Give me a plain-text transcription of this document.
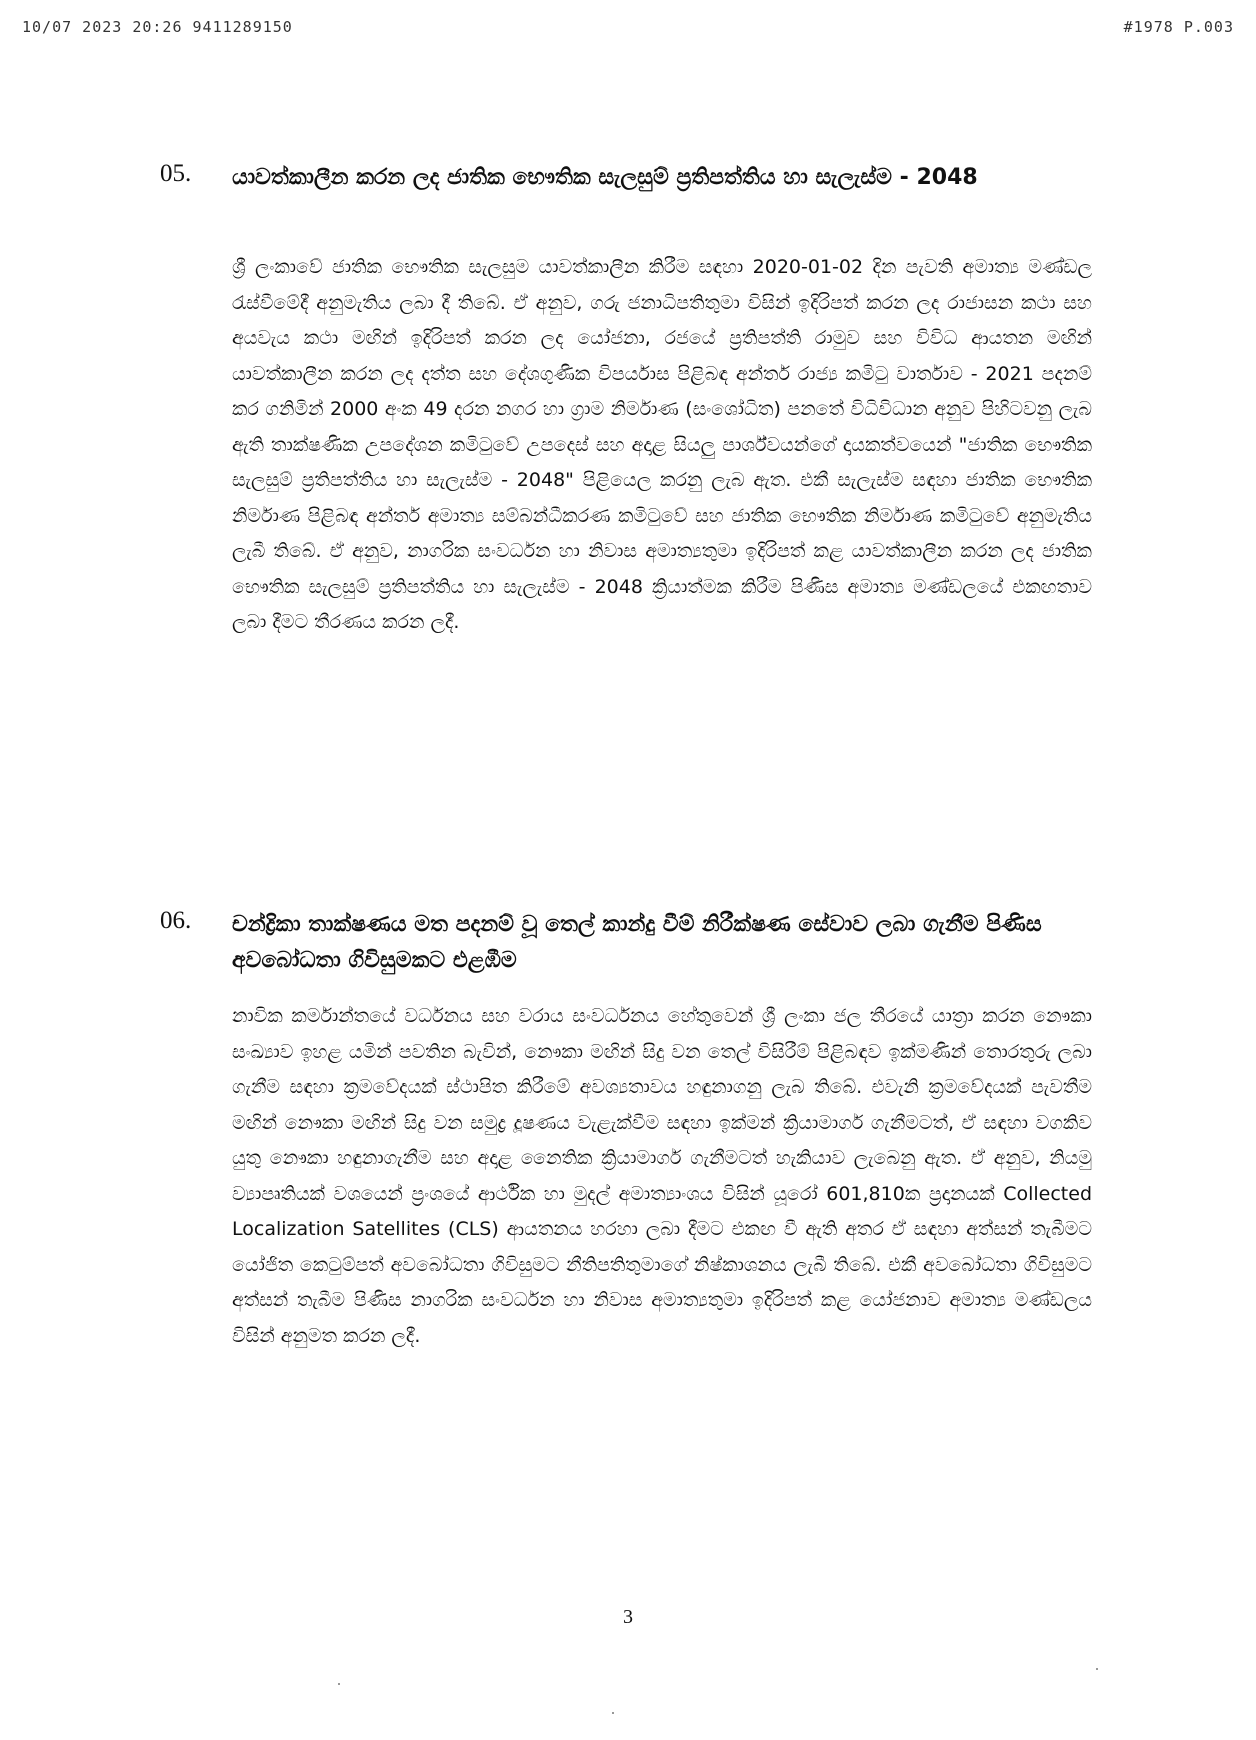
10/07 2023 20:26 9411289150	#1978 P.003
05. යාවත්කාලීන කරන ලද ජාතික භෞතික සැලසුම් ප්‍රතිපත්තිය හා සැලැස්ම - 2048
ශ්‍රී ලංකාවේ ජාතික භෞතික සැලසුම යාවත්කාලීන කිරීම සඳහා 2020-01-02 දින පැවති අමාත්‍ය මණ්ඩල රැස්වීමේදී අනුමැතිය ලබා දී තිබේ. ඒ අනුව, ගරු ජනාධිපතිතුමා විසින් ඉදිරිපත් කරන ලද රාජාසන කථා සහ අයවැය කථා මඟින් ඉදිරිපත් කරන ලද යෝජනා, රජයේ ප්‍රතිපත්ති රාමුව සහ විවිධ ආයතන මඟින් යාවත්කාලීන කරන ලද දත්ත සහ දේශගුණික විපර්යාස පිළිබඳ අන්තර් රාජ්‍ය කමිටු වාර්තාව - 2021 පදනම් කර ගනිමින් 2000 අංක 49 දරන නගර හා ග්‍රාම නිර්මාණ (සංශෝධිත) පනතේ විධිවිධාන අනුව පිහිටවනු ලැබ ඇති තාක්ෂණික උපදේශන කමිටුවේ උපදෙස් සහ අදාළ සියලු පාර්ශ්වයන්ගේ දායකත්වයෙන් "ජාතික භෞතික සැලසුම් ප්‍රතිපත්තිය හා සැලැස්ම - 2048" පිළියෙල කරනු ලැබ ඇත. එකී සැලැස්ම සඳහා ජාතික භෞතික නිර්මාණ පිළිබඳ අන්තර් අමාත්‍ය සම්බන්ධීකරණ කමිටුවේ සහ ජාතික භෞතික නිර්මාණ කමිටුවේ අනුමැතිය ලැබී තිබේ. ඒ අනුව, නාගරික සංවර්ධන හා නිවාස අමාත්‍යතුමා ඉදිරිපත් කළ යාවත්කාලීන කරන ලද ජාතික භෞතික සැලසුම් ප්‍රතිපත්තිය හා සැලැස්ම - 2048 ක්‍රියාත්මක කිරීම පිණිස අමාත්‍ය මණ්ඩලයේ එකඟතාව ලබා දීමට තීරණය කරන ලදී.
06. චන්ද්‍රිකා තාක්ෂණය මත පදනම් වූ තෙල් කාන්දු වීම් නිරීක්ෂණ සේවාව ලබා ගැනීම පිණිස අවබෝධතා ගිවිසුමකට එළඹීම
නාවික කර්මාන්තයේ වර්ධනය සහ වරාය සංවර්ධනය හේතුවෙන් ශ්‍රී ලංකා ජල තීරයේ යාත්‍රා කරන නෞකා සංඛ්‍යාව ඉහළ යමින් පවතින බැවින්, නෞකා මඟින් සිදු වන තෙල් විසිරීම් පිළිබඳව ඉක්මණින් තොරතුරු ලබා ගැනීම සඳහා ක්‍රමවේදයක් ස්ථාපිත කිරීමේ අවශ්‍යතාවය හඳුනාගනු ලැබ තිබේ. එවැනි ක්‍රමවේදයක් පැවතීම මඟින් නෞකා මඟින් සිදු වන සමුද්‍ර දූෂණය වැළැක්වීම සඳහා ඉක්මන් ක්‍රියාමාර්ග ගැනීමටත්, ඒ සඳහා වගකිව යුතු නෞකා හඳුනාගැනීම සහ අදාළ නෛතික ක්‍රියාමාර්ග ගැනීමටත් හැකියාව ලැබෙනු ඇත. ඒ අනුව, නියමු ව්‍යාපෘතියක් වශයෙන් ප්‍රංශයේ ආර්ථික හා මුදල් අමාත්‍යාංශය විසින් යූරෝ 601,810ක ප්‍රදානයක් Collected Localization Satellites (CLS) ආයතනය හරහා ලබා දීමට එකඟ වී ඇති අතර ඒ සඳහා අත්සන් තැබීමට යෝජිත කෙටුම්පත් අවබෝධතා ගිවිසුමට නීතිපතිතුමාගේ නිෂ්කාශනය ලැබී තිබේ. එකී අවබෝධතා ගිවිසුමට අත්සන් තැබීම පිණිස නාගරික සංවර්ධන හා නිවාස අමාත්‍යතුමා ඉදිරිපත් කළ යෝජනාව අමාත්‍ය මණ්ඩලය විසින් අනුමත කරන ලදී.
3
